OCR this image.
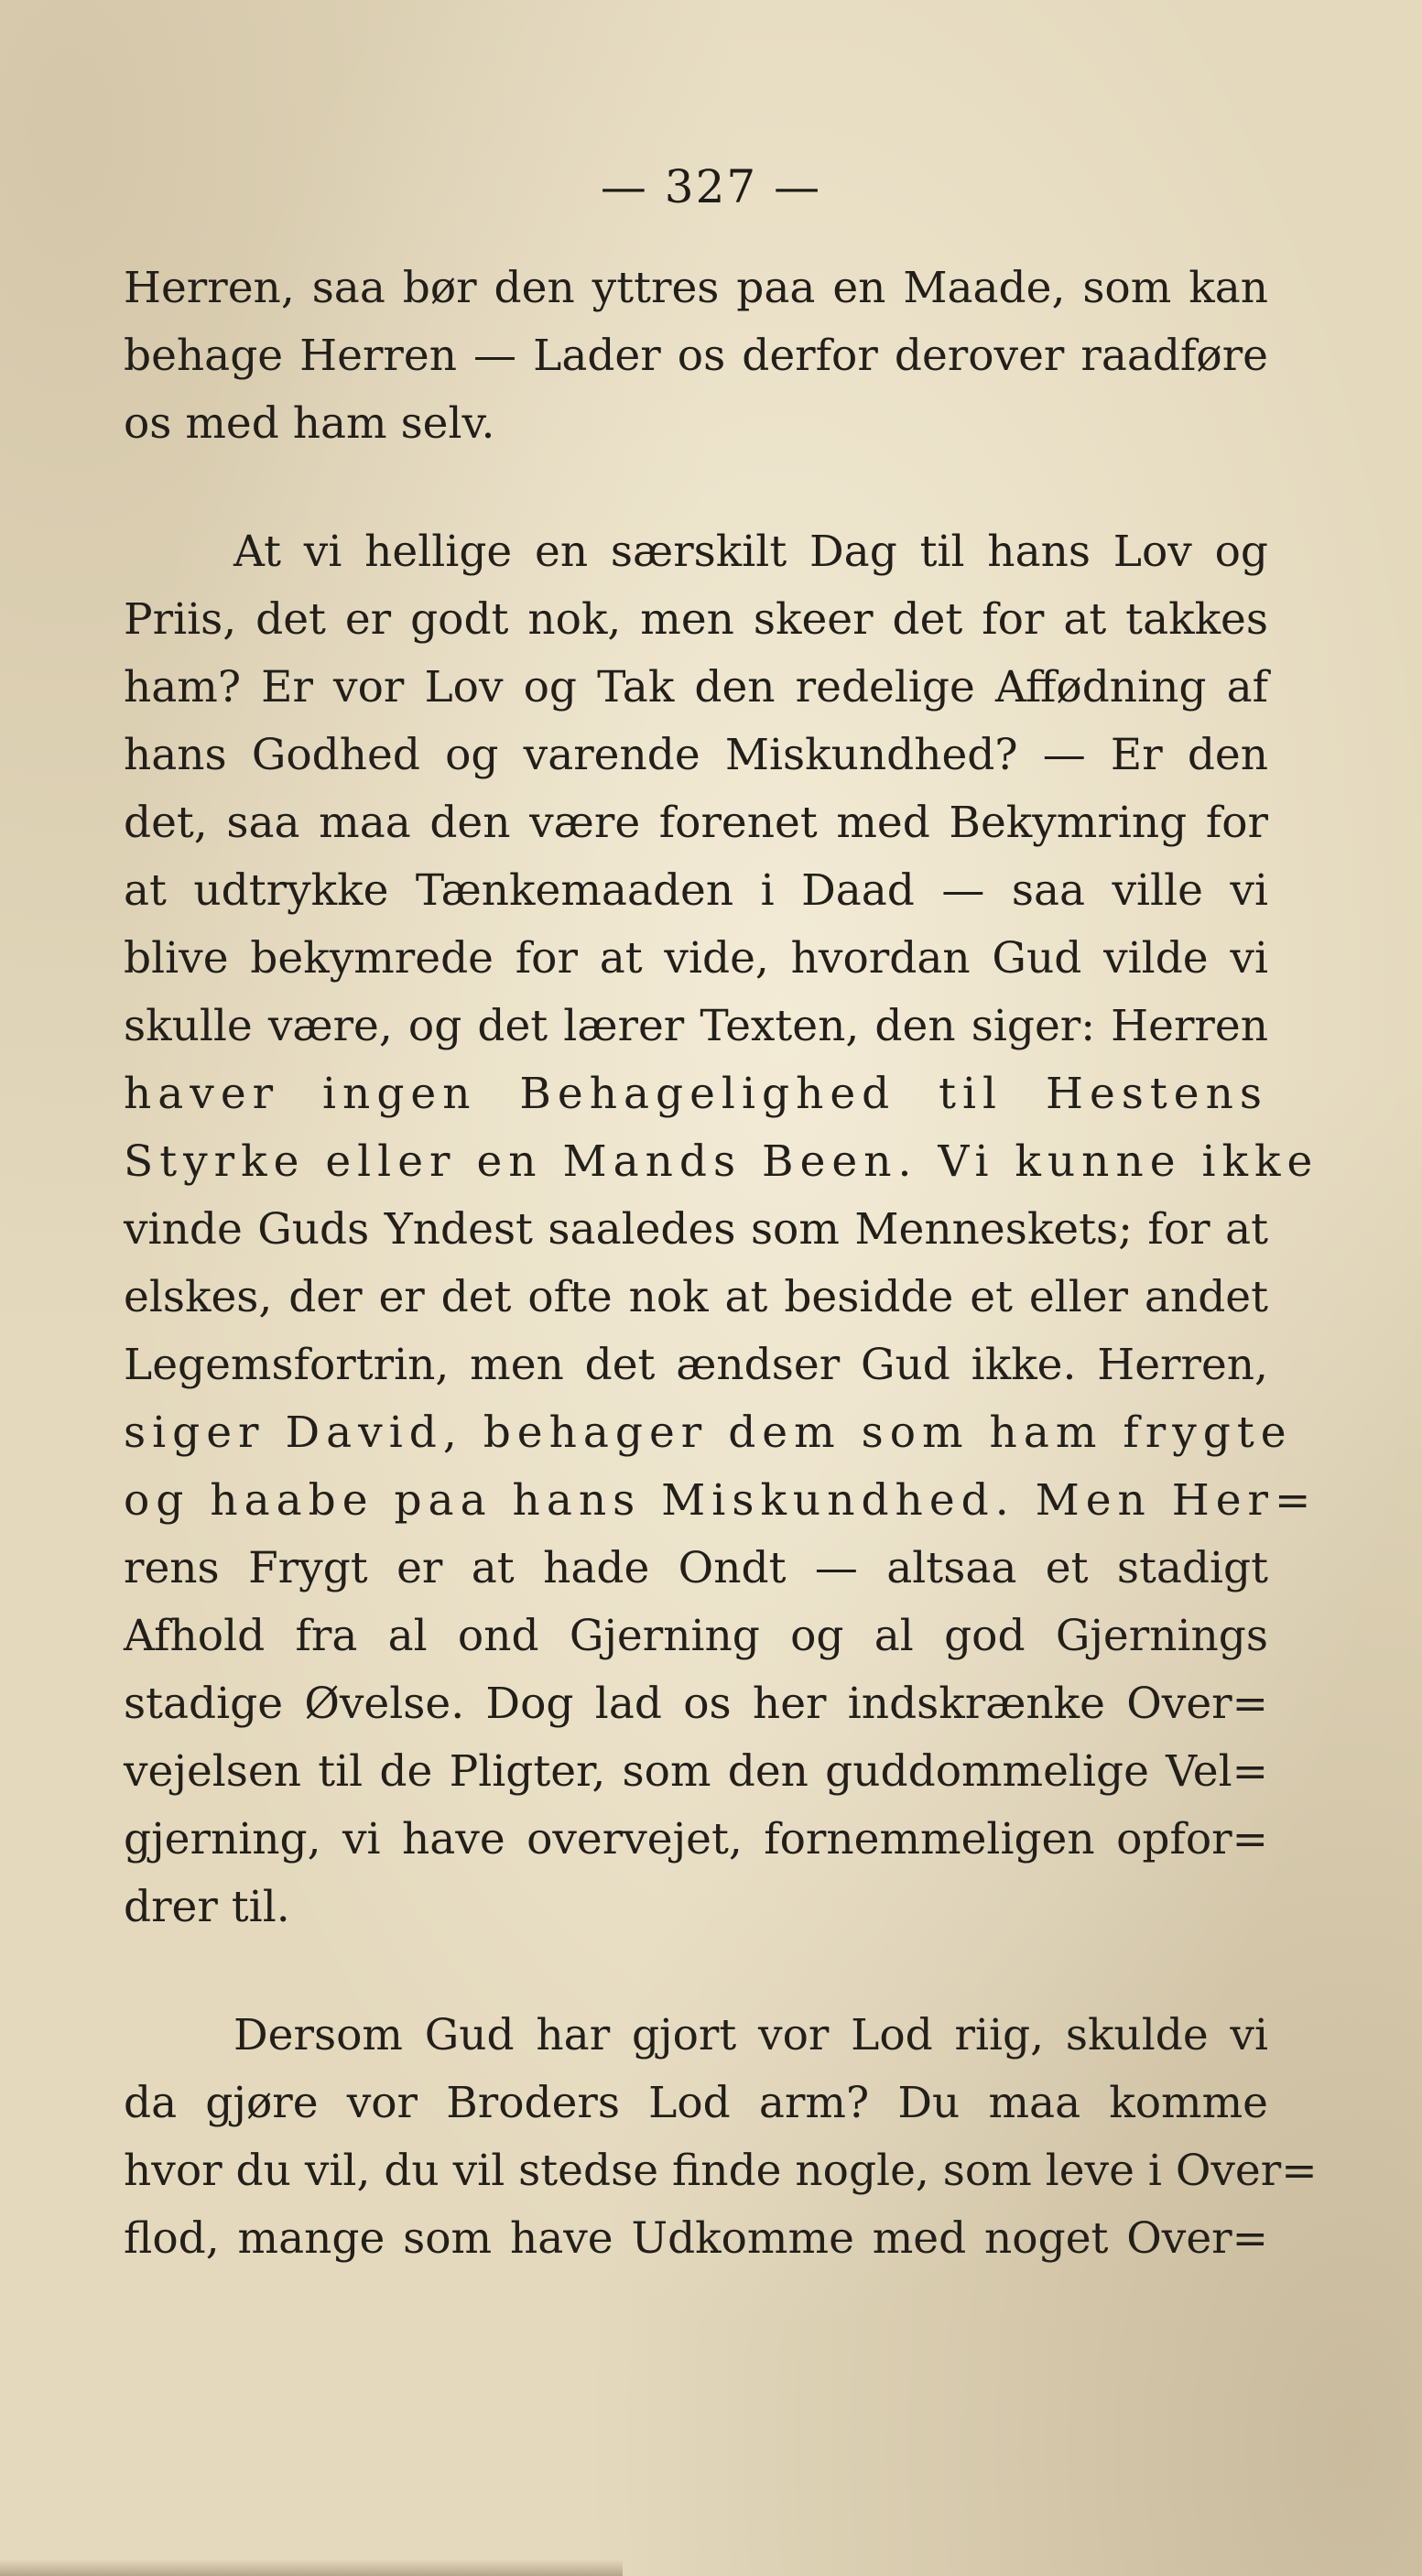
— 327 —
Herren, saa bør den yttres paa en Maade, som kan
behage Herren — Lader os derfor derover raadføre
os med ham selv.
At vi hellige en særskilt Dag til hans Lov og
Priis, det er godt nok, men skeer det for at takkes
ham? Er vor Lov og Tak den redelige Affødning af
hans Godhed og varende Miskundhed? — Er den
det, saa maa den være forenet med Bekymring for
at udtrykke Tænkemaaden i Daad — saa ville vi
blive bekymrede for at vide, hvordan Gud vilde vi
skulle være, og det lærer Texten, den siger: Herren
haver ingen Behagelighed til Hestens
Styrke eller en Mands Been. Vi kunne ikke
vinde Guds Yndest saaledes som Menneskets; for at
elskes, der er det ofte nok at besidde et eller andet
Legemsfortrin, men det ændser Gud ikke. Herren,
siger David, behager dem som ham frygte
og haabe paa hans Miskundhed. Men Her=
rens Frygt er at hade Ondt — altsaa et stadigt
Afhold fra al ond Gjerning og al god Gjernings
stadige Øvelse. Dog lad os her indskrænke Over=
vejelsen til de Pligter, som den guddommelige Vel=
gjerning, vi have overvejet, fornemmeligen opfor=
drer til.
Dersom Gud har gjort vor Lod riig, skulde vi
da gjøre vor Broders Lod arm? Du maa komme
hvor du vil, du vil stedse finde nogle, som leve i Over=
flod, mange som have Udkomme med noget Over=
